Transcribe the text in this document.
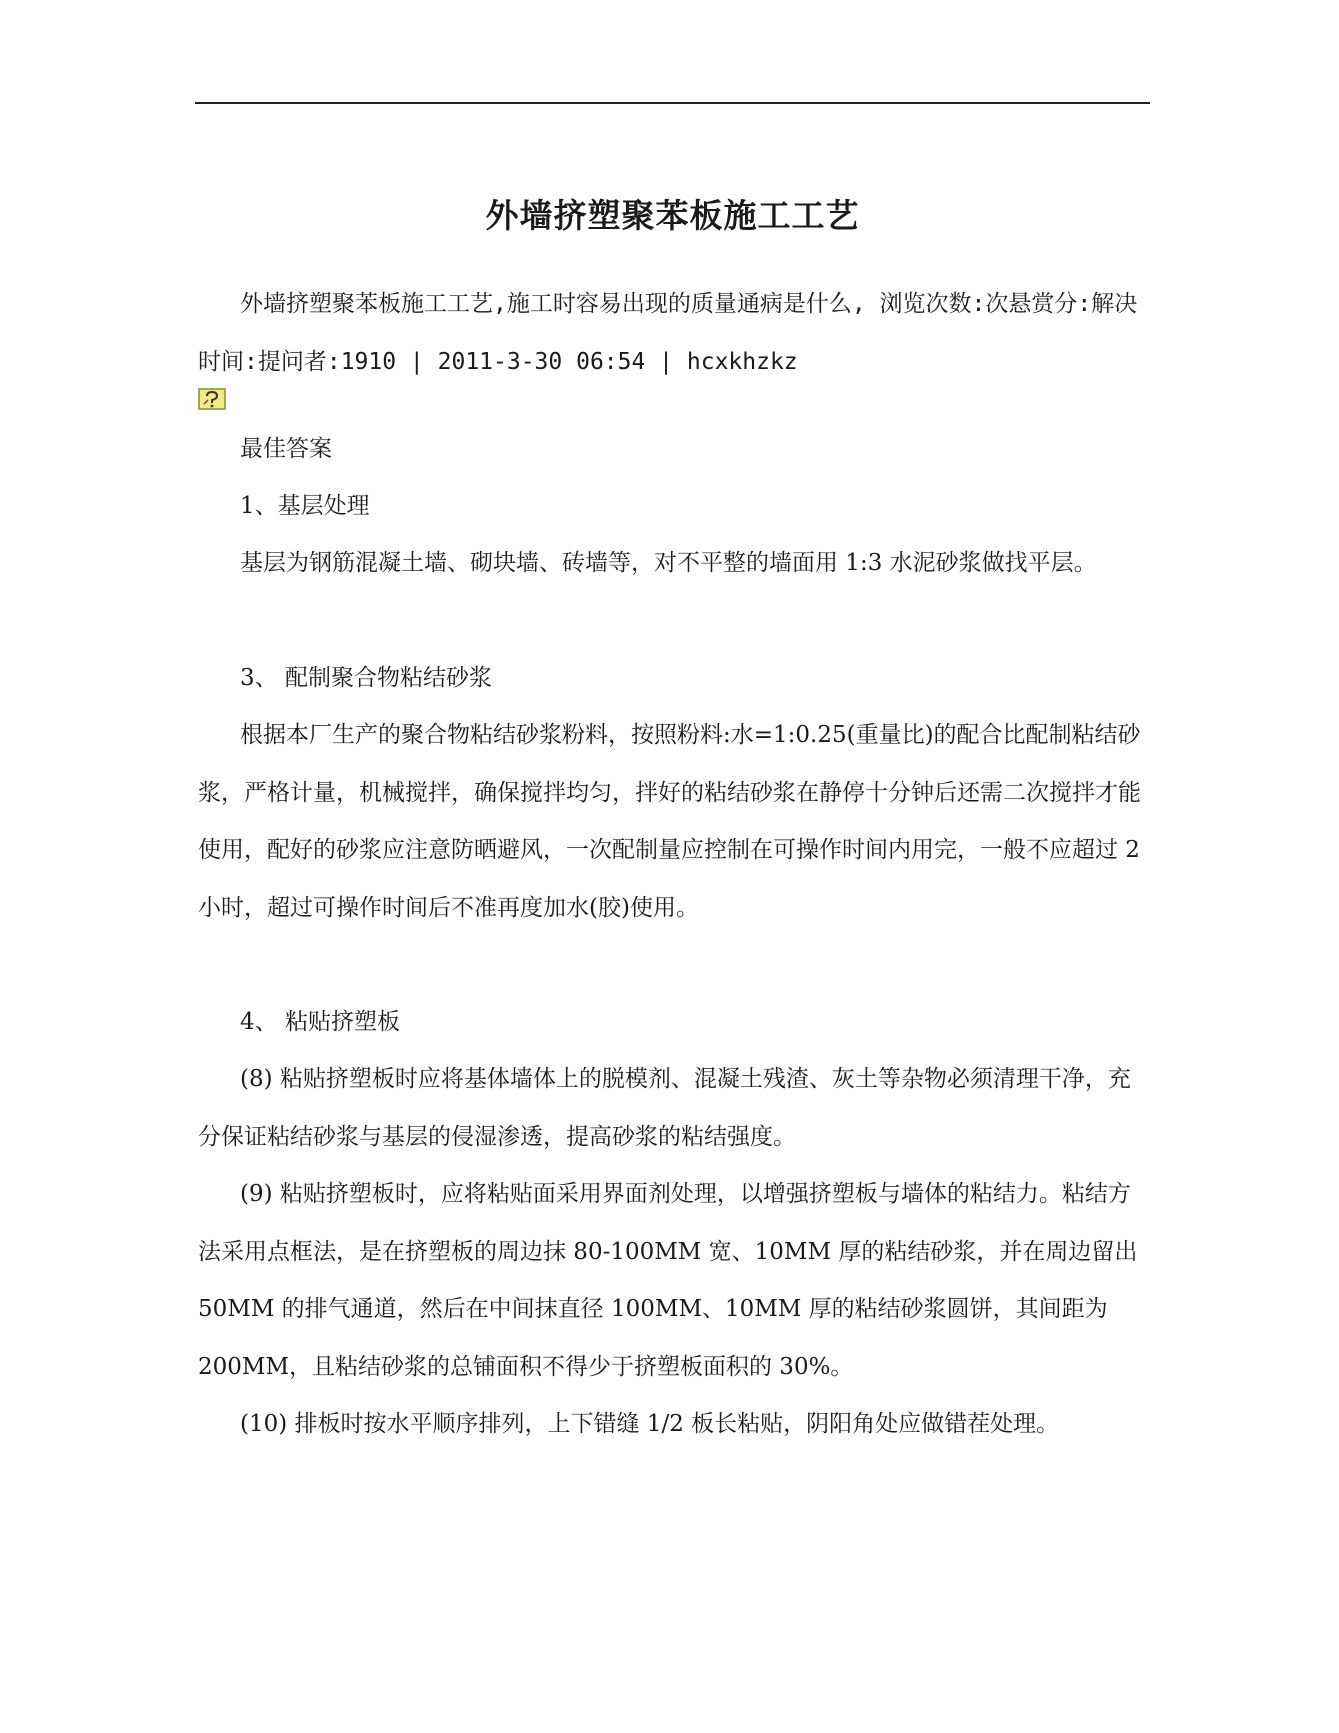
外墙挤塑聚苯板施工工艺
外墙挤塑聚苯板施工工艺,施工时容易出现的质量通病是什么, 浏览次数:次悬赏分:解决时间:提问者:1910 | 2011-3-30 06:54 | hcxkhzkz
最佳答案
1、基层处理
基层为钢筋混凝土墙、砌块墙、砖墙等，对不平整的墙面用 1:3 水泥砂浆做找平层。
3、 配制聚合物粘结砂浆
根据本厂生产的聚合物粘结砂浆粉料，按照粉料:水=1:0.25(重量比)的配合比配制粘结砂浆，严格计量，机械搅拌，确保搅拌均匀，拌好的粘结砂浆在静停十分钟后还需二次搅拌才能使用，配好的砂浆应注意防晒避风，一次配制量应控制在可操作时间内用完，一般不应超过 2 小时，超过可操作时间后不准再度加水(胶)使用。
4、 粘贴挤塑板
(8) 粘贴挤塑板时应将基体墙体上的脱模剂、混凝土残渣、灰土等杂物必须清理干净，充分保证粘结砂浆与基层的侵湿渗透，提高砂浆的粘结强度。
(9) 粘贴挤塑板时，应将粘贴面采用界面剂处理，以增强挤塑板与墙体的粘结力。粘结方法采用点框法，是在挤塑板的周边抹 80-100MM 宽、10MM 厚的粘结砂浆，并在周边留出 50MM 的排气通道，然后在中间抹直径 100MM、10MM 厚的粘结砂浆圆饼，其间距为 200MM，且粘结砂浆的总铺面积不得少于挤塑板面积的 30%。
(10) 排板时按水平顺序排列，上下错缝 1/2 板长粘贴，阴阳角处应做错茬处理。
